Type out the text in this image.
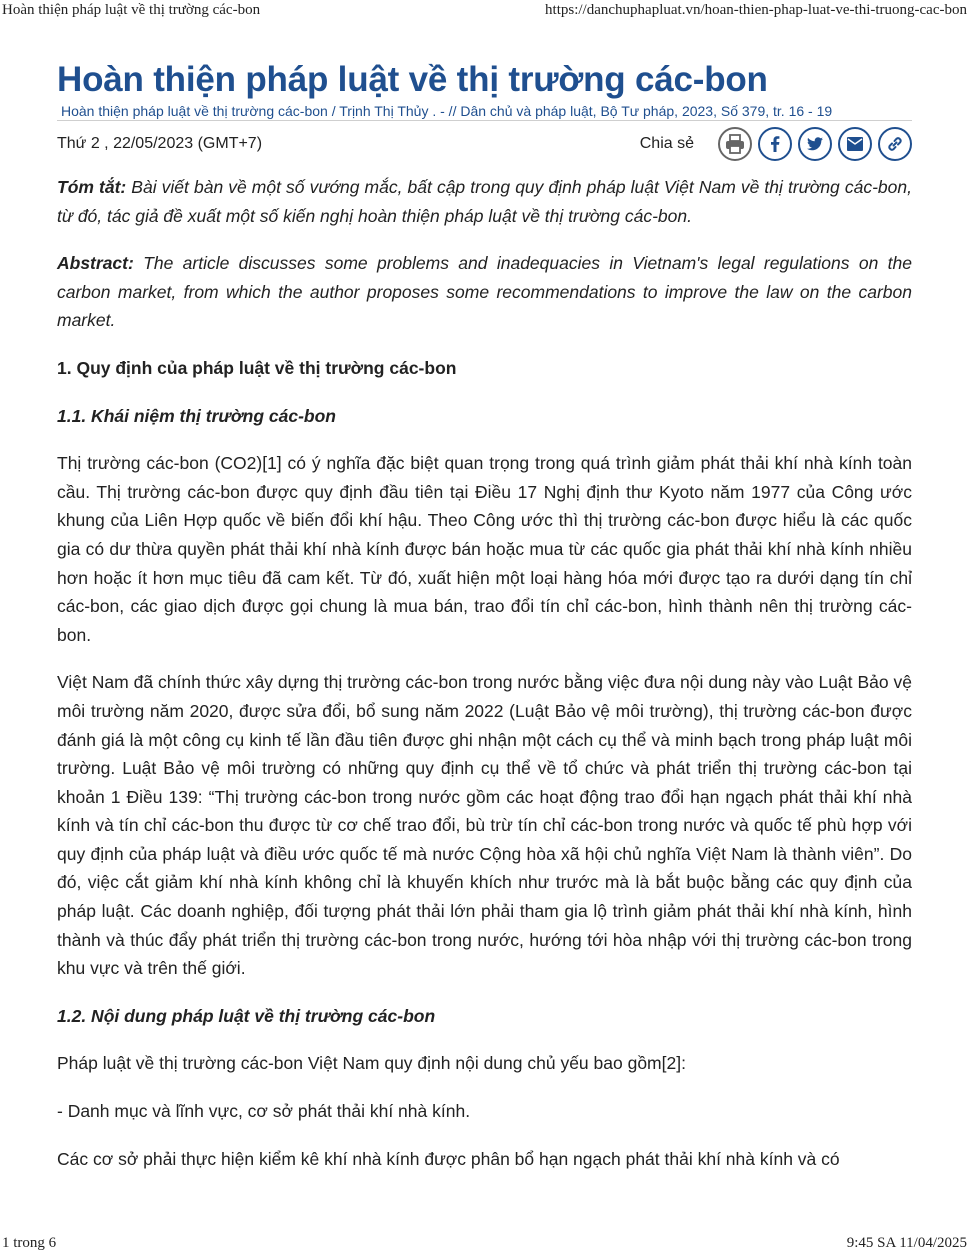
Hoàn thiện pháp luật về thị trường các-bon	https://danchuphapluat.vn/hoan-thien-phap-luat-ve-thi-truong-cac-bon
Hoàn thiện pháp luật về thị trường các-bon
Hoàn thiện pháp luật về thị trường các-bon / Trịnh Thị Thủy . - // Dân chủ và pháp luật, Bộ Tư pháp, 2023, Số 379, tr. 16 - 19
Thứ 2 , 22/05/2023 (GMT+7)	Chia sẻ

Tóm tắt: Bài viết bàn về một số vướng mắc, bất cập trong quy định pháp luật Việt Nam về thị trường các-bon, từ đó, tác giả đề xuất một số kiến nghị hoàn thiện pháp luật về thị trường các-bon.

Abstract: The article discusses some problems and inadequacies in Vietnam's legal regulations on the carbon market, from which the author proposes some recommendations to improve the law on the carbon market.

1. Quy định của pháp luật về thị trường các-bon

1.1. Khái niệm thị trường các-bon

Thị trường các-bon (CO2)[1] có ý nghĩa đặc biệt quan trọng trong quá trình giảm phát thải khí nhà kính toàn cầu. Thị trường các-bon được quy định đầu tiên tại Điều 17 Nghị định thư Kyoto năm 1977 của Công ước khung của Liên Hợp quốc về biến đổi khí hậu. Theo Công ước thì thị trường các-bon được hiểu là các quốc gia có dư thừa quyền phát thải khí nhà kính được bán hoặc mua từ các quốc gia phát thải khí nhà kính nhiều hơn hoặc ít hơn mục tiêu đã cam kết. Từ đó, xuất hiện một loại hàng hóa mới được tạo ra dưới dạng tín chỉ các-bon, các giao dịch được gọi chung là mua bán, trao đổi tín chỉ các-bon, hình thành nên thị trường các-bon.

Việt Nam đã chính thức xây dựng thị trường các-bon trong nước bằng việc đưa nội dung này vào Luật Bảo vệ môi trường năm 2020, được sửa đổi, bổ sung năm 2022 (Luật Bảo vệ môi trường), thị trường các-bon được đánh giá là một công cụ kinh tế lần đầu tiên được ghi nhận một cách cụ thể và minh bạch trong pháp luật môi trường. Luật Bảo vệ môi trường có những quy định cụ thể về tổ chức và phát triển thị trường các-bon tại khoản 1 Điều 139: “Thị trường các-bon trong nước gồm các hoạt động trao đổi hạn ngạch phát thải khí nhà kính và tín chỉ các-bon thu được từ cơ chế trao đổi, bù trừ tín chỉ các-bon trong nước và quốc tế phù hợp với quy định của pháp luật và điều ước quốc tế mà nước Cộng hòa xã hội chủ nghĩa Việt Nam là thành viên”. Do đó, việc cắt giảm khí nhà kính không chỉ là khuyến khích như trước mà là bắt buộc bằng các quy định của pháp luật. Các doanh nghiệp, đối tượng phát thải lớn phải tham gia lộ trình giảm phát thải khí nhà kính, hình thành và thúc đẩy phát triển thị trường các-bon trong nước, hướng tới hòa nhập với thị trường các-bon trong khu vực và trên thế giới.

1.2. Nội dung pháp luật về thị trường các-bon

Pháp luật về thị trường các-bon Việt Nam quy định nội dung chủ yếu bao gồm[2]:

- Danh mục và lĩnh vực, cơ sở phát thải khí nhà kính.

Các cơ sở phải thực hiện kiểm kê khí nhà kính được phân bổ hạn ngạch phát thải khí nhà kính và có

1 trong 6	9:45 SA 11/04/2025
